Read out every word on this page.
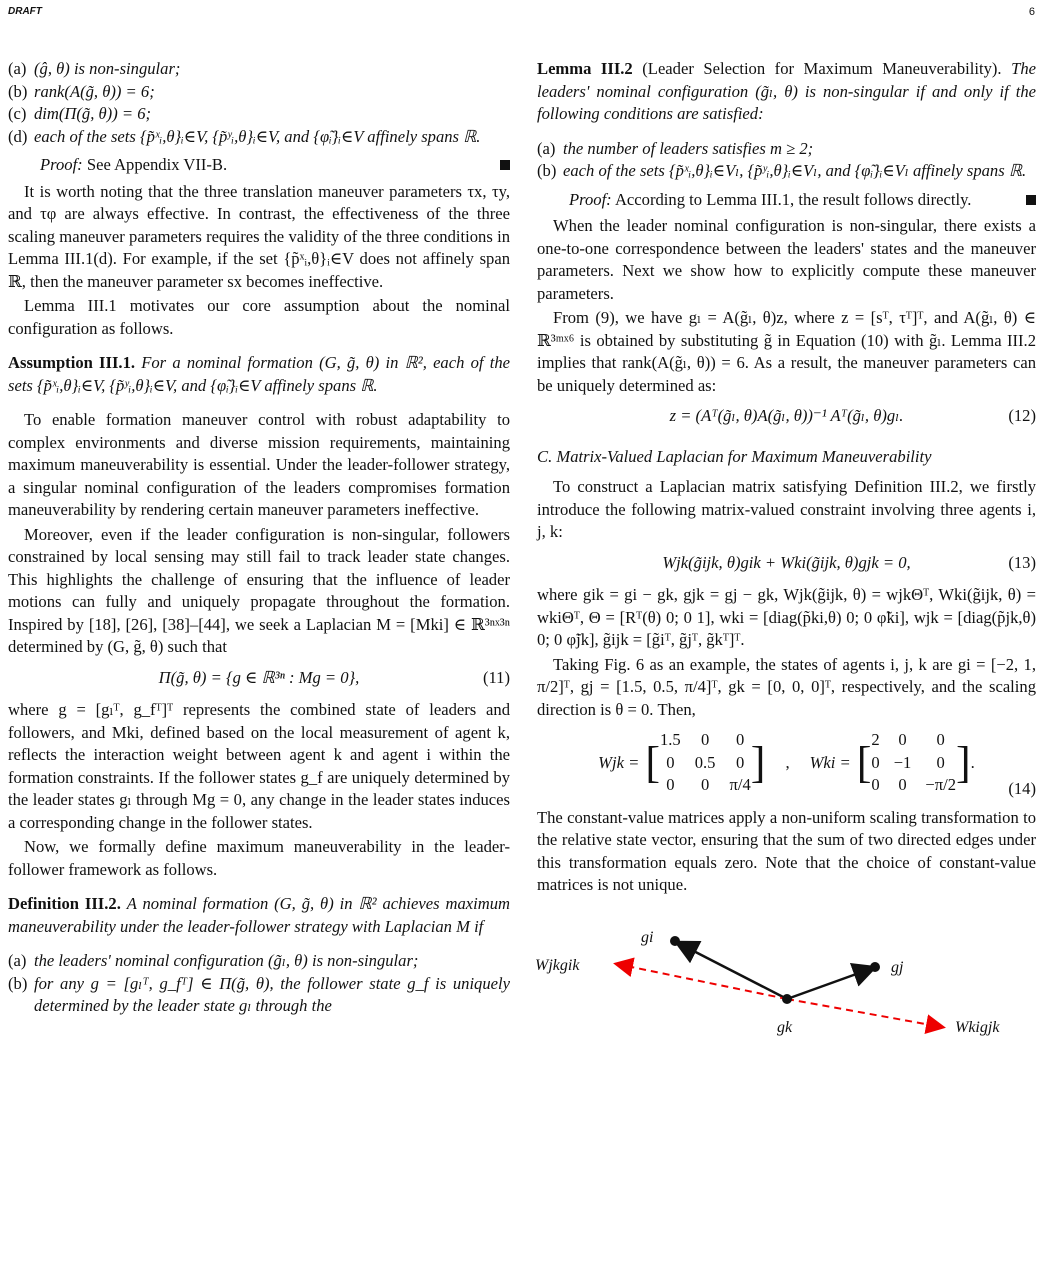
DRAFT	6
(a) (ĝ, θ) is non-singular;
(b) rank(A(g̃, θ)) = 6;
(c) dim(Π(g̃, θ)) = 6;
(d) each of the sets {p̃ˣᵢ,θ}ᵢ∈V, {p̃ʸᵢ,θ}ᵢ∈V, and {φ̃ᵢ}ᵢ∈V affinely spans ℝ.
Proof: See Appendix VII-B.

It is worth noting that the three translation maneuver parameters τx, τy, and τφ are always effective. In contrast, the effectiveness of the three scaling maneuver parameters requires the validity of the three conditions in Lemma III.1(d). For example, if the set {p̃ˣᵢ,θ}ᵢ∈V does not affinely span ℝ, then the maneuver parameter sx becomes ineffective.

Lemma III.1 motivates our core assumption about the nominal configuration as follows.

Assumption III.1. For a nominal formation (G, g̃, θ) in ℝ², each of the sets {p̃ˣᵢ,θ}ᵢ∈V, {p̃ʸᵢ,θ}ᵢ∈V, and {φ̃ᵢ}ᵢ∈V affinely spans ℝ.

To enable formation maneuver control with robust adaptability to complex environments and diverse mission requirements, maintaining maximum maneuverability is essential. Under the leader-follower strategy, a singular nominal configuration of the leaders compromises formation maneuverability by rendering certain maneuver parameters ineffective.

Moreover, even if the leader configuration is non-singular, followers constrained by local sensing may still fail to track leader state changes. This highlights the challenge of ensuring that the influence of leader motions can fully and uniquely propagate throughout the formation. Inspired by [18], [26], [38]–[44], we seek a Laplacian M = [Mki] ∈ ℝ³ⁿˣ³ⁿ determined by (G, g̃, θ) such that

Π(g̃, θ) = {g ∈ ℝ³ⁿ : Mg = 0},	(11)

where g = [gₗᵀ, g_fᵀ]ᵀ represents the combined state of leaders and followers, and Mki, defined based on the local measurement of agent k, reflects the interaction weight between agent k and agent i within the formation constraints. If the follower states g_f are uniquely determined by the leader states gₗ through Mg = 0, any change in the leader states induces a corresponding change in the follower states.

Now, we formally define maximum maneuverability in the leader-follower framework as follows.

Definition III.2. A nominal formation (G, g̃, θ) in ℝ² achieves maximum maneuverability under the leader-follower strategy with Laplacian M if
(a) the leaders' nominal configuration (g̃ₗ, θ) is non-singular;
(b) for any g = [gₗᵀ, g_fᵀ] ∈ Π(g̃, θ), the follower state g_f is uniquely determined by the leader state gₗ through the
Lemma III.2 (Leader Selection for Maximum Maneuverability). The leaders' nominal configuration (g̃ₗ, θ) is non-singular if and only if the following conditions are satisfied:
(a) the number of leaders satisfies m ≥ 2;
(b) each of the sets {p̃ˣᵢ,θ}ᵢ∈Vₗ, {p̃ʸᵢ,θ}ᵢ∈Vₗ, and {φ̃ᵢ}ᵢ∈Vₗ affinely spans ℝ.
Proof: According to Lemma III.1, the result follows directly.

When the leader nominal configuration is non-singular, there exists a one-to-one correspondence between the leaders' states and the maneuver parameters. Next we show how to explicitly compute these maneuver parameters.

From (9), we have gₗ = A(g̃ₗ, θ)z, where z = [sᵀ, τᵀ]ᵀ, and A(g̃ₗ, θ) ∈ ℝ³ᵐˣ⁶ is obtained by substituting g̃ in Equation (10) with g̃ₗ. Lemma III.2 implies that rank(A(g̃ₗ, θ)) = 6. As a result, the maneuver parameters can be uniquely determined as:

z = (Aᵀ(g̃ₗ, θ)A(g̃ₗ, θ))⁻¹ Aᵀ(g̃ₗ, θ)gₗ.	(12)
C. Matrix-Valued Laplacian for Maximum Maneuverability

To construct a Laplacian matrix satisfying Definition III.2, we firstly introduce the following matrix-valued constraint involving three agents i, j, k:

Wjk(g̃ijk, θ)gik + Wki(g̃ijk, θ)gjk = 0,	(13)

where gik = gi − gk, gjk = gj − gk, Wjk(g̃ijk, θ) = wjkΘᵀ, Wki(g̃ijk, θ) = wkiΘᵀ, Θ = [Rᵀ(θ) 0; 0 1], wki = [diag(p̃ki,θ) 0; 0 φ̃ki], wjk = [diag(p̃jk,θ) 0; 0 φ̃jk], g̃ijk = [g̃iᵀ, g̃jᵀ, g̃kᵀ]ᵀ.

Taking Fig. 6 as an example, the states of agents i, j, k are gi = [−2, 1, π/2]ᵀ, gj = [1.5, 0.5, π/4]ᵀ, gk = [0, 0, 0]ᵀ, respectively, and the scaling direction is θ = 0. Then,

Wjk = [ 1.5	0	0
0	0.5	0
0	0	π/4 ] , Wki = [ 2 0	0
0 −1	0
0 0 −π/2 ] .
(14)

The constant-value matrices apply a non-uniform scaling transformation to the relative state vector, ensuring that the sum of two directed edges under this transformation equals zero. Note that the choice of constant-value matrices is not unique.

gi
gj
gk
Wjkgik
Wkigjk
